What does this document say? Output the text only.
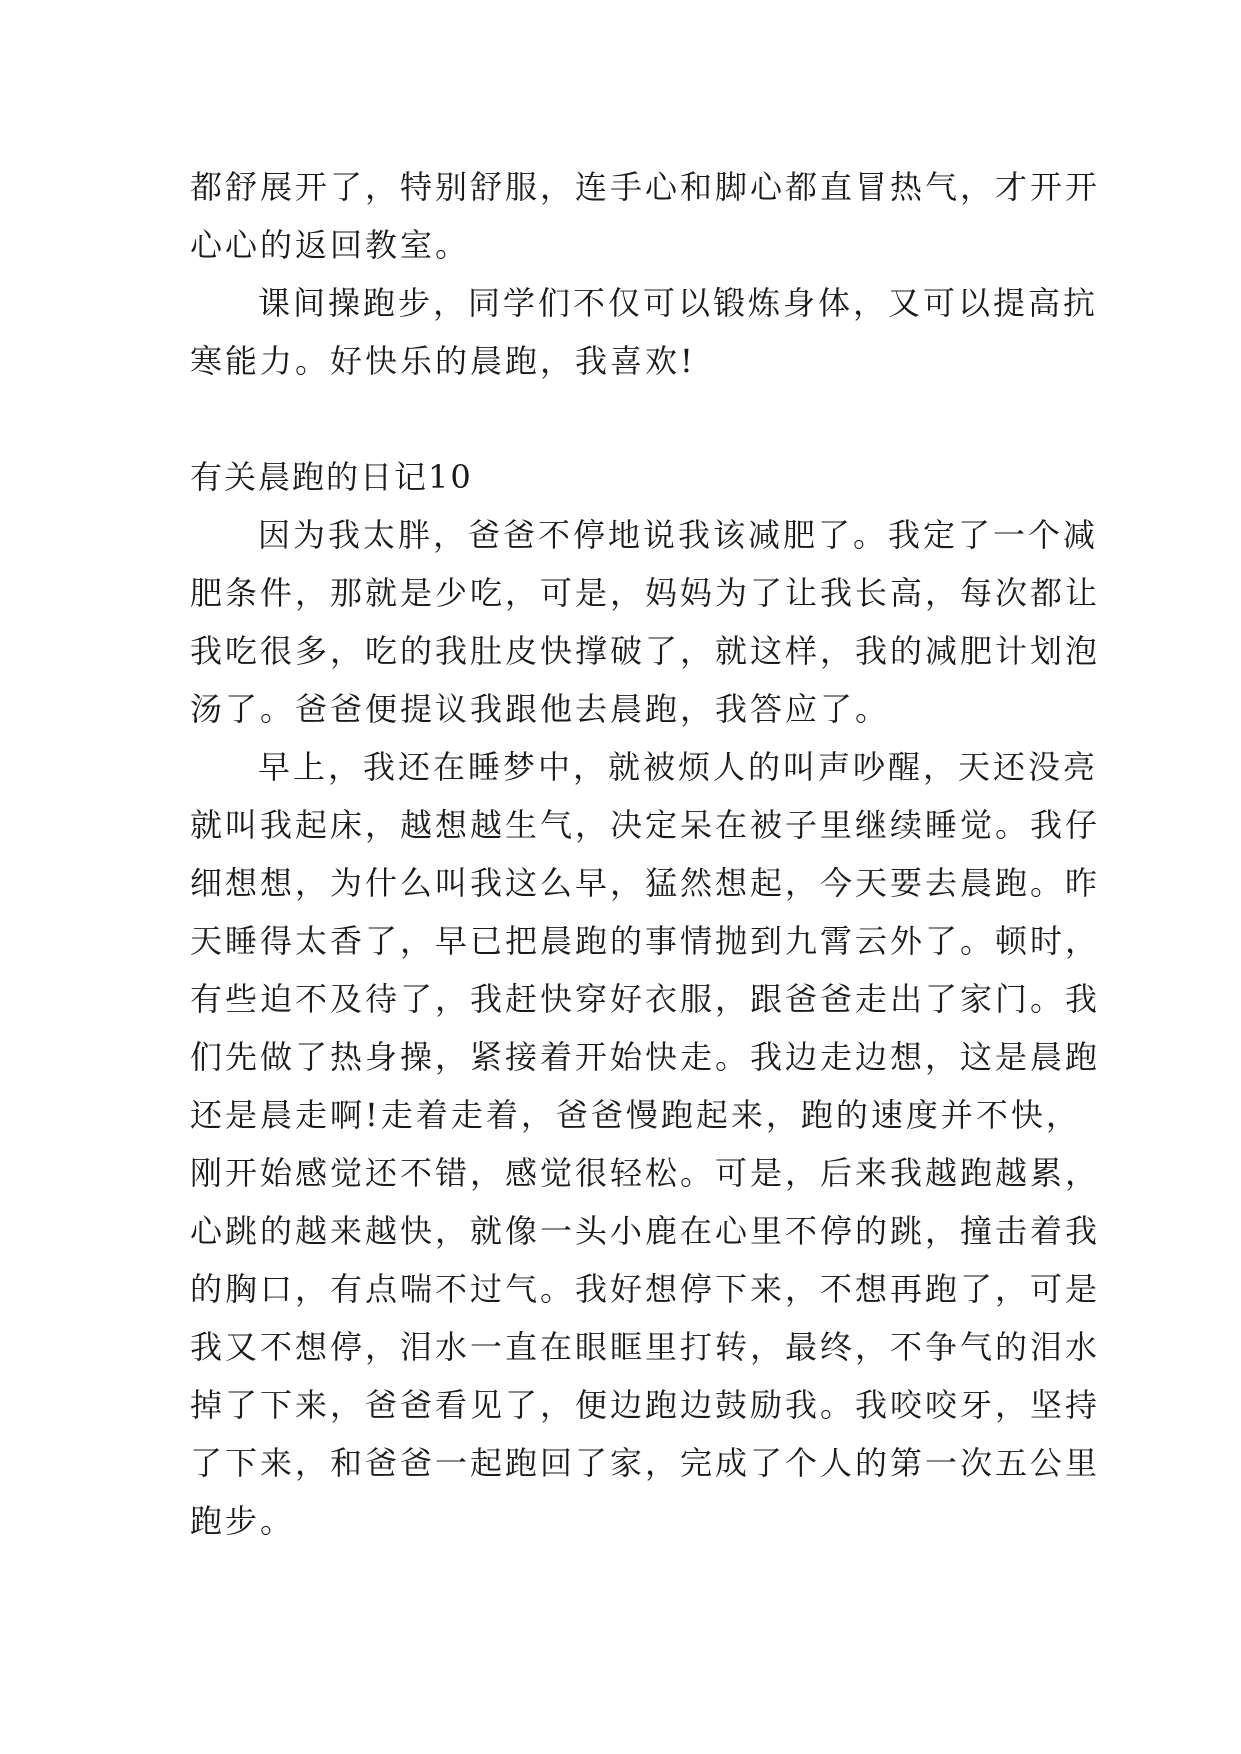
都舒展开了，特别舒服，连手心和脚心都直冒热气，才开开
心心的返回教室。
课间操跑步，同学们不仅可以锻炼身体，又可以提高抗
寒能力。好快乐的晨跑，我喜欢!
有关晨跑的日记10
因为我太胖，爸爸不停地说我该减肥了。我定了一个减
肥条件，那就是少吃，可是，妈妈为了让我长高，每次都让
我吃很多，吃的我肚皮快撑破了，就这样，我的减肥计划泡
汤了。爸爸便提议我跟他去晨跑，我答应了。
早上，我还在睡梦中，就被烦人的叫声吵醒，天还没亮
就叫我起床，越想越生气，决定呆在被子里继续睡觉。我仔
细想想，为什么叫我这么早，猛然想起，今天要去晨跑。昨
天睡得太香了，早已把晨跑的事情抛到九霄云外了。顿时，
有些迫不及待了，我赶快穿好衣服，跟爸爸走出了家门。我
们先做了热身操，紧接着开始快走。我边走边想，这是晨跑
还是晨走啊!走着走着，爸爸慢跑起来，跑的速度并不快，
刚开始感觉还不错，感觉很轻松。可是，后来我越跑越累，
心跳的越来越快，就像一头小鹿在心里不停的跳，撞击着我
的胸口，有点喘不过气。我好想停下来，不想再跑了，可是
我又不想停，泪水一直在眼眶里打转，最终，不争气的泪水
掉了下来，爸爸看见了，便边跑边鼓励我。我咬咬牙，坚持
了下来，和爸爸一起跑回了家，完成了个人的第一次五公里
跑步。
